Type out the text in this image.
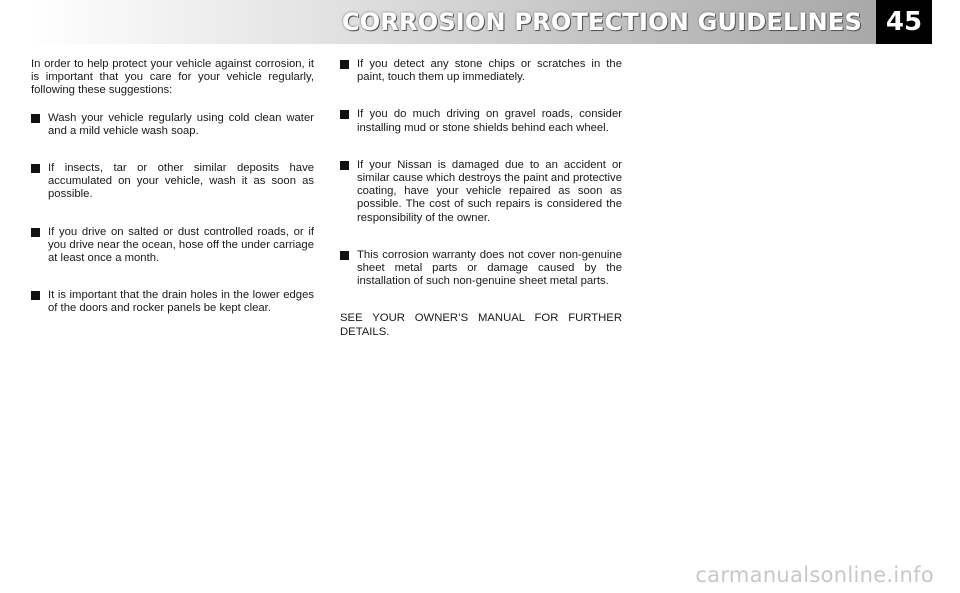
CORROSION PROTECTION GUIDELINES 45

In order to help protect your vehicle against corrosion, it is important that you care for your vehicle regularly, following these suggestions:

Wash your vehicle regularly using cold clean water and a mild vehicle wash soap.
If insects, tar or other similar deposits have accumulated on your vehicle, wash it as soon as possible.
If you drive on salted or dust controlled roads, or if you drive near the ocean, hose off the under carriage at least once a month.
It is important that the drain holes in the lower edges of the doors and rocker panels be kept clear.
If you detect any stone chips or scratches in the paint, touch them up immediately.
If you do much driving on gravel roads, consider installing mud or stone shields behind each wheel.
If your Nissan is damaged due to an accident or similar cause which destroys the paint and protective coating, have your vehicle repaired as soon as possible. The cost of such repairs is considered the responsibility of the owner.
This corrosion warranty does not cover non-genuine sheet metal parts or damage caused by the installation of such non-genuine sheet metal parts.

SEE YOUR OWNER’S MANUAL FOR FURTHER DETAILS.

carmanualsonline.info
